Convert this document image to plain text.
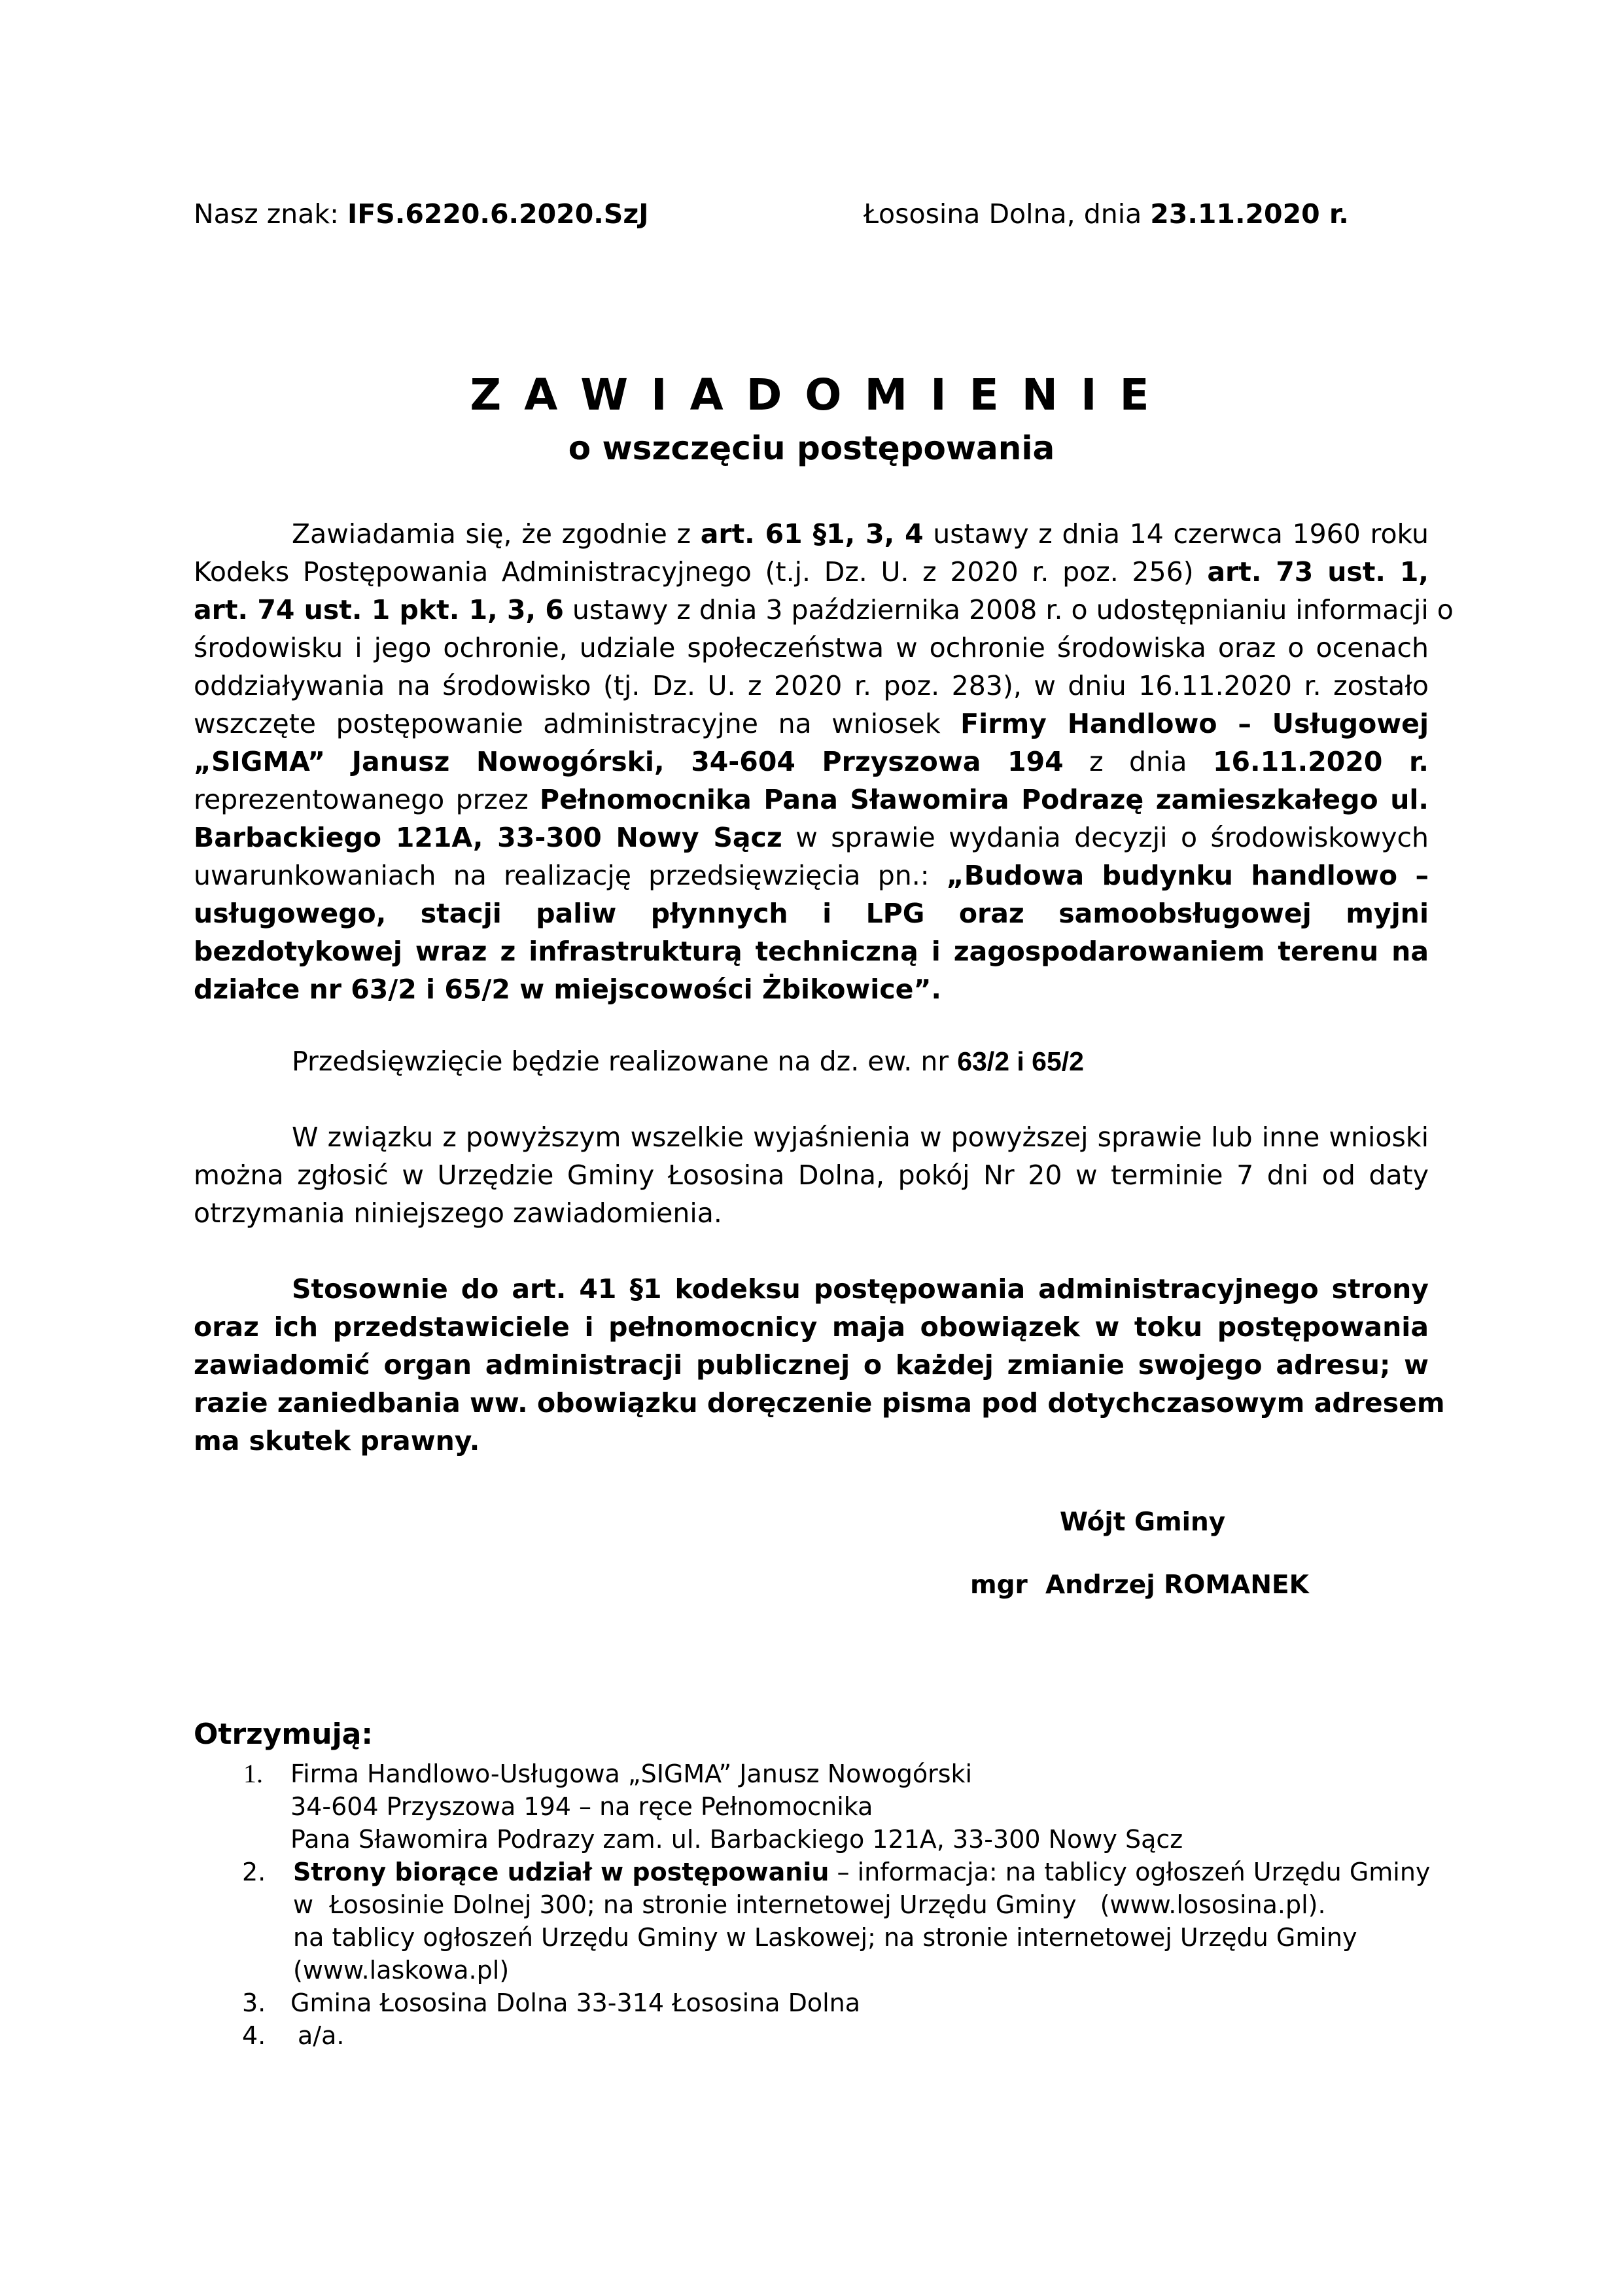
Nasz znak: IFS.6220.6.2020.SzJ	Łososina Dolna, dnia 23.11.2020 r.
Z A W I A D O M I E N I E
o wszczęciu postępowania
Zawiadamia się, że zgodnie z art. 61 §1, 3, 4 ustawy z dnia 14 czerwca 1960 roku
Kodeks Postępowania Administracyjnego (t.j. Dz. U. z 2020 r. poz. 256) art. 73 ust. 1,
art. 74 ust. 1 pkt. 1, 3, 6 ustawy z dnia 3 października 2008 r. o udostępnianiu informacji o
środowisku i jego ochronie, udziale społeczeństwa w ochronie środowiska oraz o ocenach
oddziaływania na środowisko (tj. Dz. U. z 2020 r. poz. 283), w dniu 16.11.2020 r. zostało
wszczęte postępowanie administracyjne na wniosek Firmy Handlowo – Usługowej
„SIGMA” Janusz Nowogórski, 34-604 Przyszowa 194 z dnia 16.11.2020 r.
reprezentowanego przez Pełnomocnika Pana Sławomira Podrazę zamieszkałego ul.
Barbackiego 121A, 33-300 Nowy Sącz w sprawie wydania decyzji o środowiskowych
uwarunkowaniach na realizację przedsięwzięcia pn.: „Budowa budynku handlowo –
usługowego, stacji paliw płynnych i LPG oraz samoobsługowej myjni
bezdotykowej wraz z infrastrukturą techniczną i zagospodarowaniem terenu na
działce nr 63/2 i 65/2 w miejscowości Żbikowice”.
Przedsięwzięcie będzie realizowane na dz. ew. nr 63/2 i 65/2
W związku z powyższym wszelkie wyjaśnienia w powyższej sprawie lub inne wnioski
można zgłosić w Urzędzie Gminy Łososina Dolna, pokój Nr 20 w terminie 7 dni od daty
otrzymania niniejszego zawiadomienia.
Stosownie do art. 41 §1 kodeksu postępowania administracyjnego strony
oraz ich przedstawiciele i pełnomocnicy maja obowiązek w toku postępowania
zawiadomić organ administracji publicznej o każdej zmianie swojego adresu; w
razie zaniedbania ww. obowiązku doręczenie pisma pod dotychczasowym adresem
ma skutek prawny.
Wójt Gminy
mgr  Andrzej ROMANEK
Otrzymują:
1. Firma Handlowo-Usługowa „SIGMA” Janusz Nowogórski
34-604 Przyszowa 194 – na ręce Pełnomocnika
Pana Sławomira Podrazy zam. ul. Barbackiego 121A, 33-300 Nowy Sącz
2. Strony biorące udział w postępowaniu – informacja: na tablicy ogłoszeń Urzędu Gminy
w  Łososinie Dolnej 300; na stronie internetowej Urzędu Gminy   (www.lososina.pl).
na tablicy ogłoszeń Urzędu Gminy w Laskowej; na stronie internetowej Urzędu Gminy
(www.laskowa.pl)
3. Gmina Łososina Dolna 33-314 Łososina Dolna
4. a/a.
